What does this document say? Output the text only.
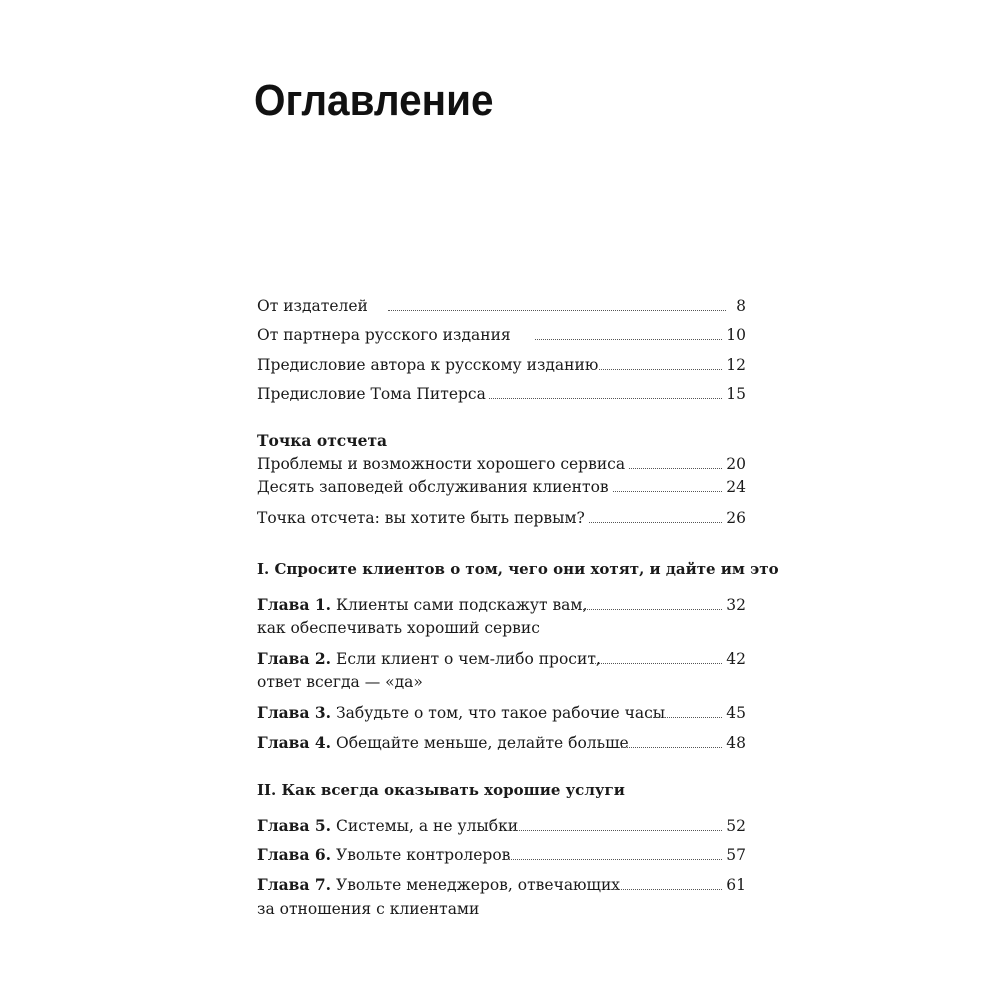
Оглавление
От издателей	8
От партнера русского издания	10
Предисловие автора к русскому изданию	12
Предисловие Тома Питерса	15
Точка отсчета
Проблемы и возможности хорошего сервиса	20
Десять заповедей обслуживания клиентов	24
Точка отсчета: вы хотите быть первым?	26
I. Спросите клиентов о том, чего они хотят, и дайте им это
Глава 1. Клиенты сами подскажут вам,	32
как обеспечивать хороший сервис
Глава 2. Если клиент о чем-либо просит,	42
ответ всегда — «да»
Глава 3. Забудьте о том, что такое рабочие часы	45
Глава 4. Обещайте меньше, делайте больше	48
II. Как всегда оказывать хорошие услуги
Глава 5. Системы, а не улыбки	52
Глава 6. Увольте контролеров	57
Глава 7. Увольте менеджеров, отвечающих	61
за отношения с клиентами
